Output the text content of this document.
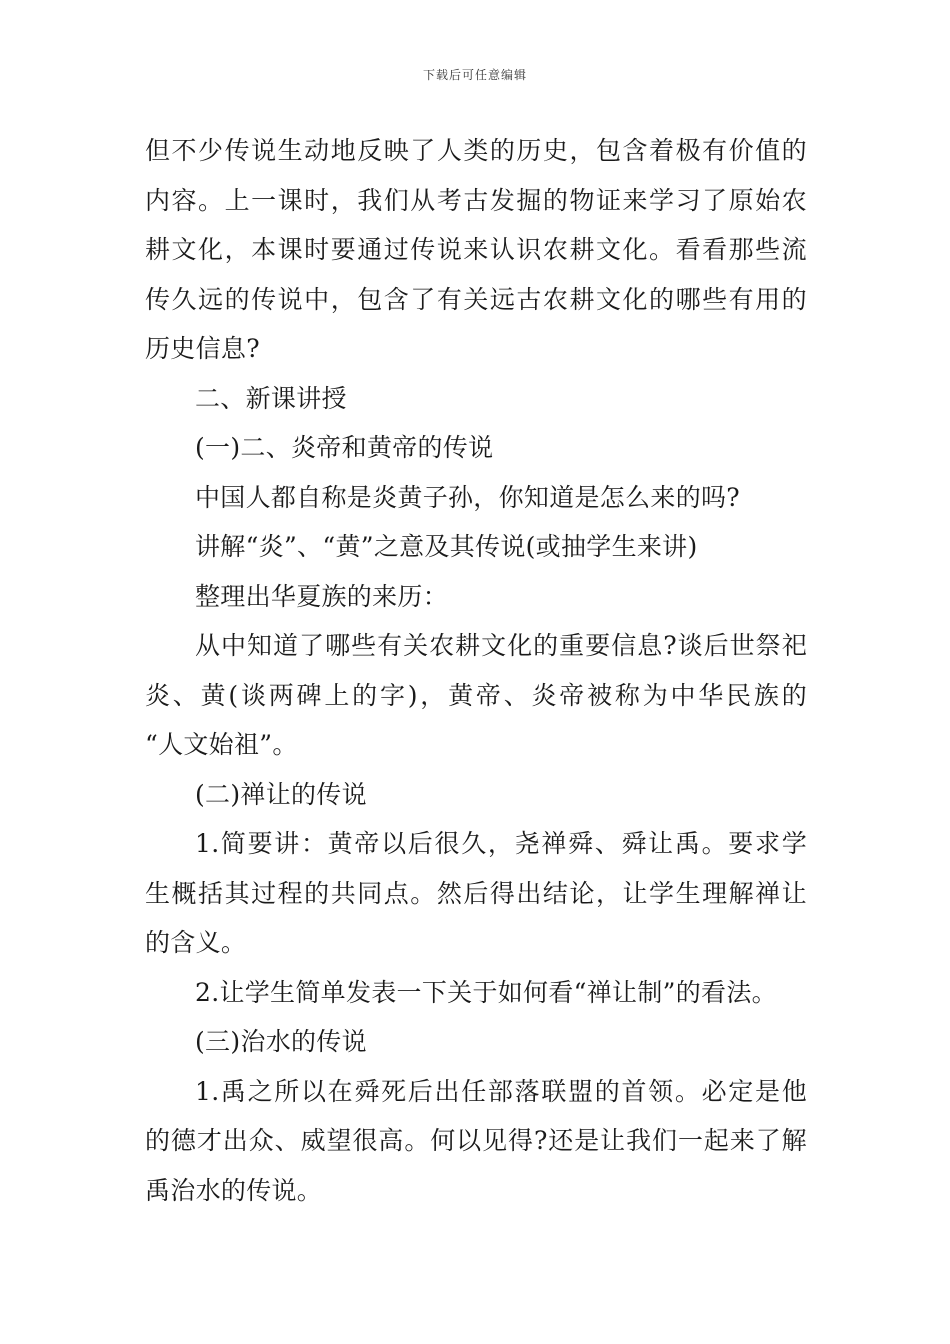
下载后可任意编辑
但不少传说生动地反映了人类的历史，包含着极有价值的
内容。上一课时，我们从考古发掘的物证来学习了原始农
耕文化，本课时要通过传说来认识农耕文化。看看那些流
传久远的传说中，包含了有关远古农耕文化的哪些有用的
历史信息?
二、新课讲授
(一)二、炎帝和黄帝的传说
中国人都自称是炎黄子孙，你知道是怎么来的吗?
讲解“炎”、“黄”之意及其传说(或抽学生来讲)
整理出华夏族的来历：
从中知道了哪些有关农耕文化的重要信息?谈后世祭祀
炎、黄(谈两碑上的字)，黄帝、炎帝被称为中华民族的
“人文始祖”。
(二)禅让的传说
1.简要讲：黄帝以后很久，尧禅舜、舜让禹。要求学
生概括其过程的共同点。然后得出结论，让学生理解禅让
的含义。
2.让学生简单发表一下关于如何看“禅让制”的看法。
(三)治水的传说
1.禹之所以在舜死后出任部落联盟的首领。必定是他
的德才出众、威望很高。何以见得?还是让我们一起来了解
禹治水的传说。
